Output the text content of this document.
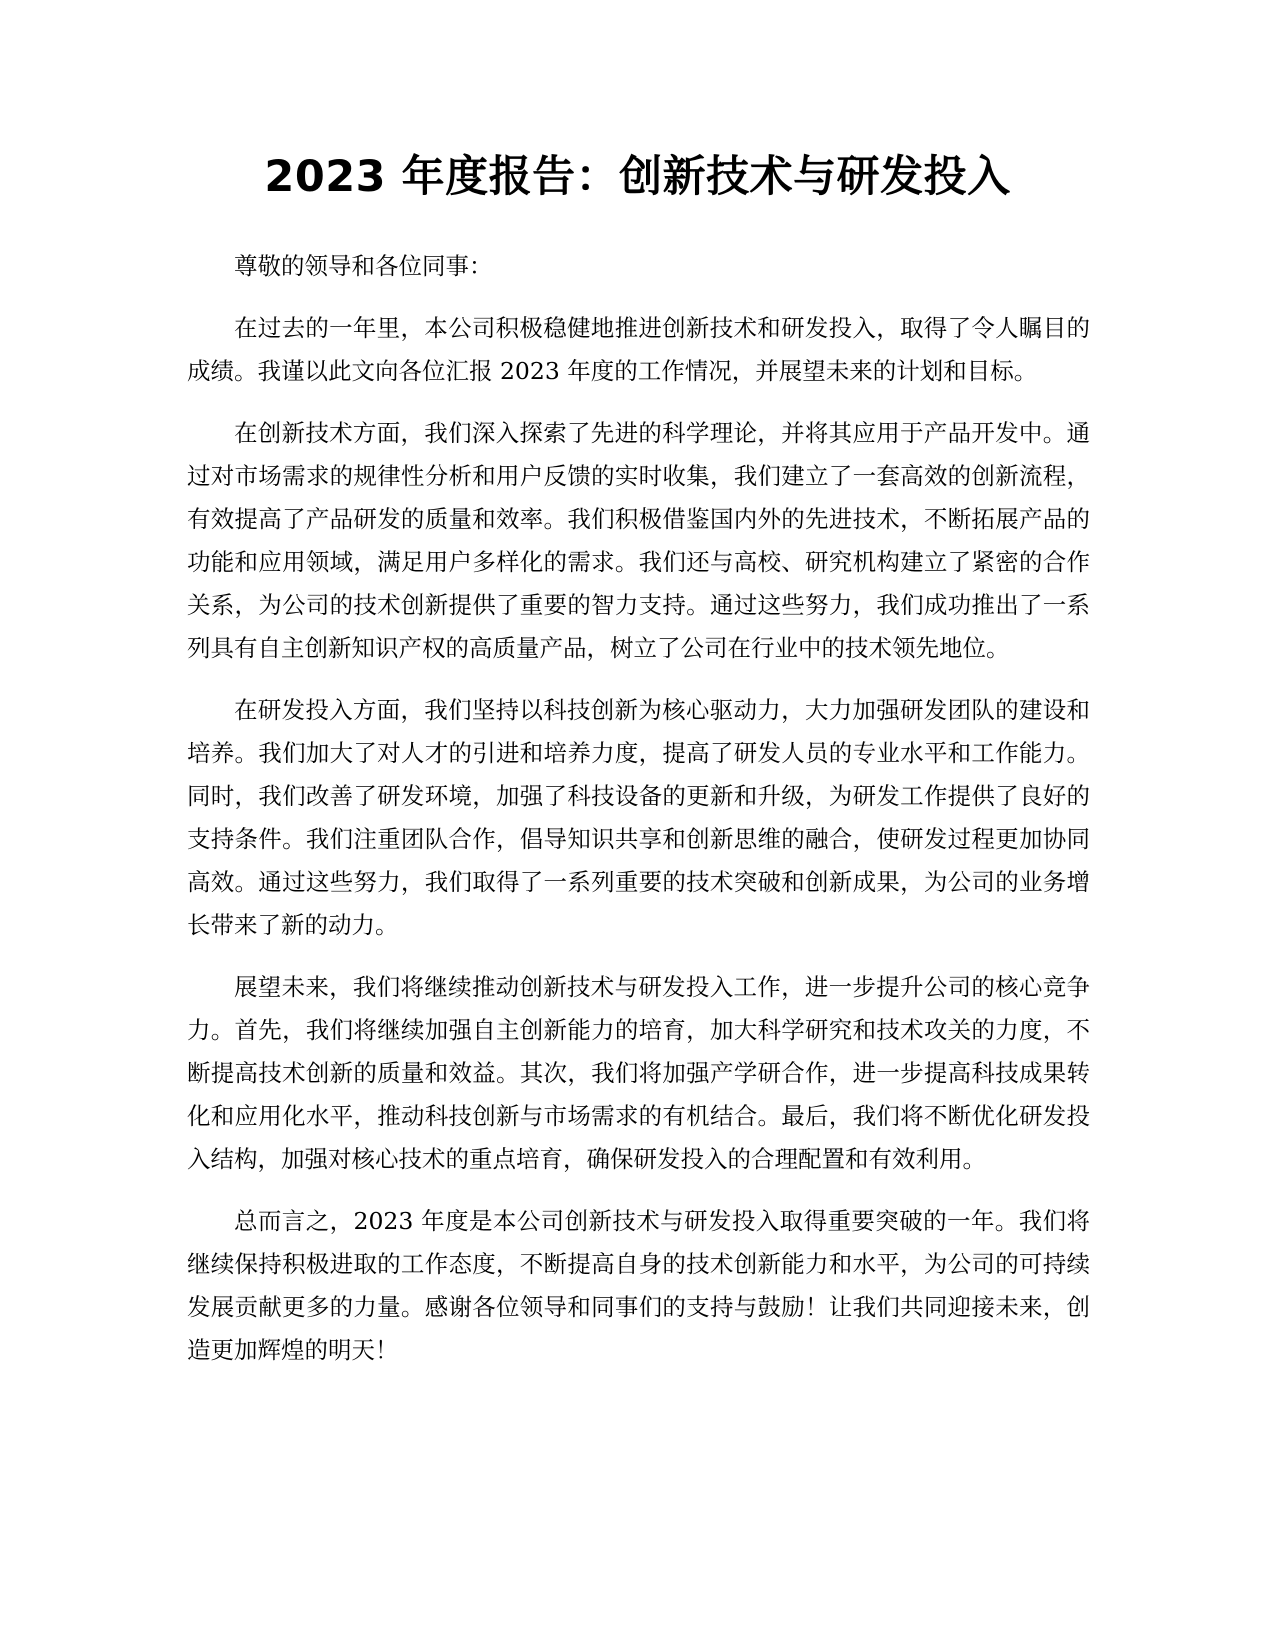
2023 年度报告：创新技术与研发投入

尊敬的领导和各位同事：

在过去的一年里，本公司积极稳健地推进创新技术和研发投入，取得了令人瞩目的成绩。我谨以此文向各位汇报 2023 年度的工作情况，并展望未来的计划和目标。

在创新技术方面，我们深入探索了先进的科学理论，并将其应用于产品开发中。通过对市场需求的规律性分析和用户反馈的实时收集，我们建立了一套高效的创新流程，有效提高了产品研发的质量和效率。我们积极借鉴国内外的先进技术，不断拓展产品的功能和应用领域，满足用户多样化的需求。我们还与高校、研究机构建立了紧密的合作关系，为公司的技术创新提供了重要的智力支持。通过这些努力，我们成功推出了一系列具有自主创新知识产权的高质量产品，树立了公司在行业中的技术领先地位。

在研发投入方面，我们坚持以科技创新为核心驱动力，大力加强研发团队的建设和培养。我们加大了对人才的引进和培养力度，提高了研发人员的专业水平和工作能力。同时，我们改善了研发环境，加强了科技设备的更新和升级，为研发工作提供了良好的支持条件。我们注重团队合作，倡导知识共享和创新思维的融合，使研发过程更加协同高效。通过这些努力，我们取得了一系列重要的技术突破和创新成果，为公司的业务增长带来了新的动力。

展望未来，我们将继续推动创新技术与研发投入工作，进一步提升公司的核心竞争力。首先，我们将继续加强自主创新能力的培育，加大科学研究和技术攻关的力度，不断提高技术创新的质量和效益。其次，我们将加强产学研合作，进一步提高科技成果转化和应用化水平，推动科技创新与市场需求的有机结合。最后，我们将不断优化研发投入结构，加强对核心技术的重点培育，确保研发投入的合理配置和有效利用。

总而言之，2023 年度是本公司创新技术与研发投入取得重要突破的一年。我们将继续保持积极进取的工作态度，不断提高自身的技术创新能力和水平，为公司的可持续发展贡献更多的力量。感谢各位领导和同事们的支持与鼓励！让我们共同迎接未来，创造更加辉煌的明天！
